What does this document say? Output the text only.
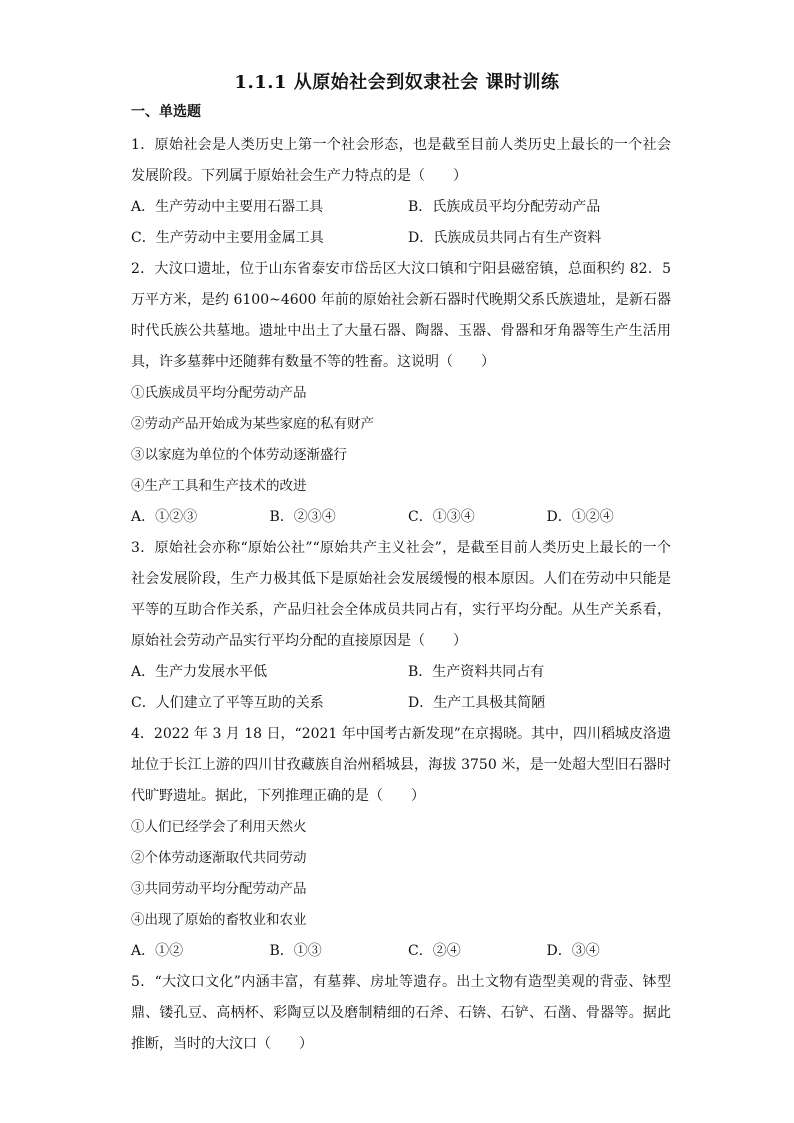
1.1.1 从原始社会到奴隶社会 课时训练
一、单选题

1．原始社会是人类历史上第一个社会形态，也是截至目前人类历史上最长的一个社会发展阶段。下列属于原始社会生产力特点的是（　　）

A．生产劳动中主要用石器工具	B．氏族成员平均分配劳动产品
C．生产劳动中主要用金属工具	D．氏族成员共同占有生产资料

2．大汶口遗址，位于山东省泰安市岱岳区大汶口镇和宁阳县磁窑镇，总面积约 82．5 万平方米，是约 6100~4600 年前的原始社会新石器时代晚期父系氏族遗址，是新石器时代氏族公共墓地。遗址中出土了大量石器、陶器、玉器、骨器和牙角器等生产生活用具，许多墓葬中还随葬有数量不等的牲畜。这说明（　　）

①氏族成员平均分配劳动产品

②劳动产品开始成为某些家庭的私有财产

③以家庭为单位的个体劳动逐渐盛行

④生产工具和生产技术的改进

A．①②③	B．②③④	C．①③④	D．①②④

3．原始社会亦称“原始公社”“原始共产主义社会”，是截至目前人类历史上最长的一个社会发展阶段，生产力极其低下是原始社会发展缓慢的根本原因。人们在劳动中只能是平等的互助合作关系，产品归社会全体成员共同占有，实行平均分配。从生产关系看，原始社会劳动产品实行平均分配的直接原因是（　　）

A．生产力发展水平低	B．生产资料共同占有
C．人们建立了平等互助的关系	D．生产工具极其简陋

4．2022 年 3 月 18 日，“2021 年中国考古新发现”在京揭晓。其中，四川稻城皮洛遗址位于长江上游的四川甘孜藏族自治州稻城县，海拔 3750 米，是一处超大型旧石器时代旷野遗址。据此，下列推理正确的是（　　）

①人们已经学会了利用天然火

②个体劳动逐渐取代共同劳动

③共同劳动平均分配劳动产品

④出现了原始的畜牧业和农业

A．①②	B．①③	C．②④	D．③④

5．“大汶口文化”内涵丰富，有墓葬、房址等遗存。出土文物有造型美观的背壶、钵型鼎、镂孔豆、高柄杯、彩陶豆以及磨制精细的石斧、石锛、石铲、石凿、骨器等。据此推断，当时的大汶口（　　）
